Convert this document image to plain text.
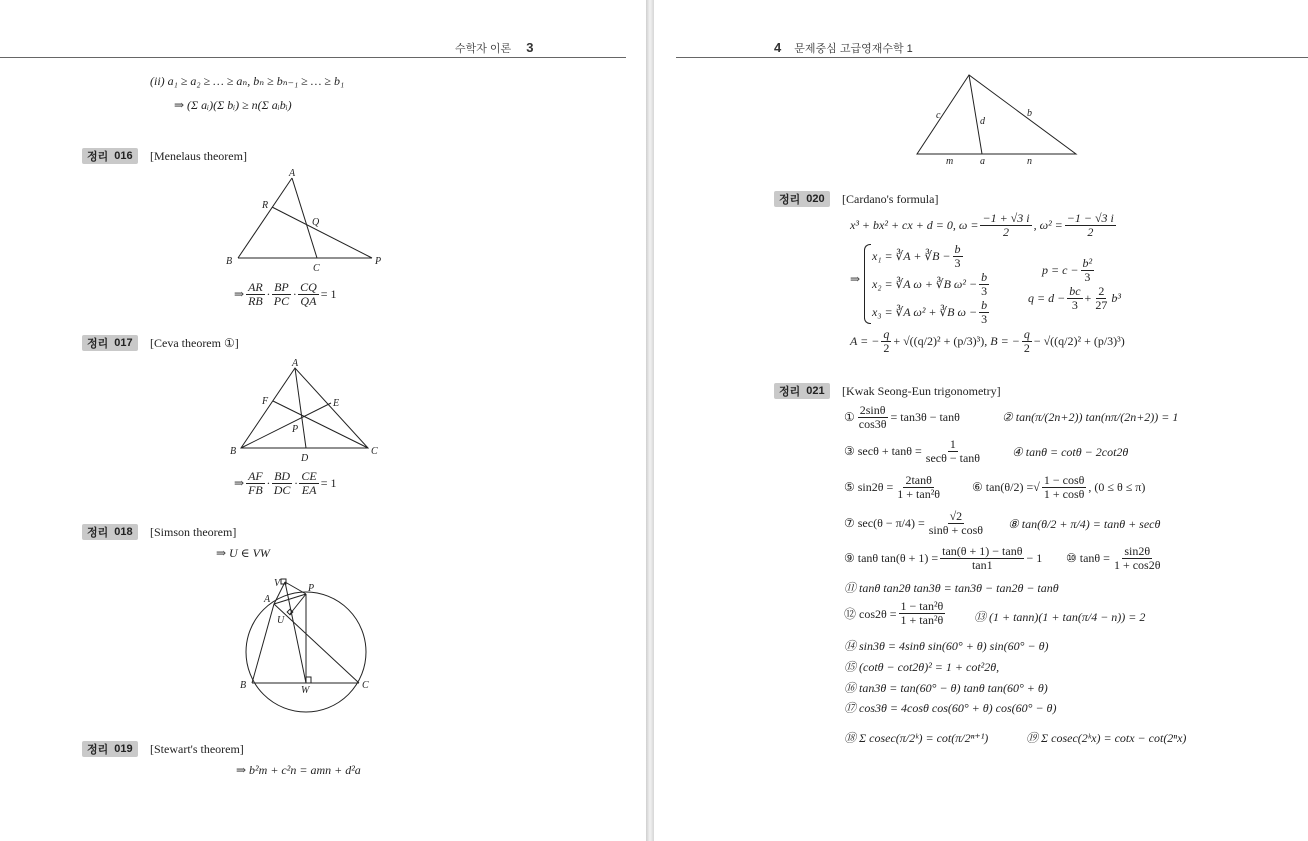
수학자 이론 3
(ii) a₁ ≥ a₂ ≥ … ≥ aₙ, bₙ ≥ bₙ₋₁ ≥ … ≥ b₁
⇒ (Σ aᵢ)(Σ bᵢ) ≥ n(Σ aᵢbᵢ)
정리 016 [Menelaus theorem]
A
B
C
P
Q
R
⇒ AR
RB · BP
PC · $\frac{CQ}{QA} = 1$
정리 017 [Ceva theorem ①]
A
B	C
D
E
F
P
⇒ AF
FB · BD
DC · $\frac{CE}{EA} = 1$
정리 018 [Simson theorem]
⇒ U ∈ VW
A
B	C
P
U
V
W
정리 019 [Stewart's theorem]
⇒ b²m + c²n = amn + d²a
4 문제중심 고급영재수학 1
c
d
b
m	a	n
정리 020 [Cardano's formula]
x³ + bx² + cx + d = 0, $\omega = \frac{-1 + √3 i}{2}$ , $\omega^2 = \frac{-1 - √3 i}{2}$
⇒
x₁ = ∛A + ∛B − $\frac{b}{3}$
x₂ = ∛A ω + ∛B $\omega^2 - \frac{b}{3}$
x₃ = ∛A ω² + ∛B $\omega - \frac{b}{3}$
$p = c - \frac{\text{b²}}{3}$
$q = d - \frac{bc}{3} + \frac{2}{27} b^3$
A = − $\frac{q}{2} + √((q/2)^2 + (p/3)^3)$ , B = − $\frac{q}{2} - √((q/2)^2 + (p/3)^3)$
정리 021 [Kwak Seong-Eun trigonometry]
① $\frac{2\sin\theta}{\cos 3\theta} = \tan 3\theta - \tan\theta$	② tan(π/(2n+2)) tan(nπ/(2n+2)) = 1
③ secθ + tanθ = 1
secθ − tanθ	④ tanθ = cotθ − 2cot2θ
⑤ $\sin 2\theta = \frac{2\tan\theta}{\text{1 + tan²θ}}$ ⑥ tan(θ/2) = √ 1 − cosθ
1 + cosθ , (0 ≤ θ ≤ π)
⑦ $\sec(\theta - \pi/4) = \frac{√2}{\sin\theta + \cos\theta}$ ⑧ tan(θ/2 + π/4) = tanθ + secθ
⑨ tanθ $\tan(\theta + 1) = \frac{\tan(\theta + 1) - \tan\theta}{\tan 1} - 1$ ⑩ $\tan\theta = \frac{\sin 2\theta}{1 + \cos 2\theta}$
⑪ tanθ tan2θ tan3θ = tan3θ − tan2θ − tanθ
⑫ $\cos 2\theta = \frac{\text{1 − tan²θ}}{\text{1 + tan²θ}}$ ⑬ (1 + tann)(1 + tan(π/4 − n)) = 2
⑭ sin3θ = 4sinθ sin(60° + θ) sin(60° − θ)
⑮ (cotθ − cot2θ)² = 1 + cot²2θ,
⑯ tan3θ = tan(60° − θ) tanθ tan(60° + θ)
⑰ cos3θ = 4cosθ cos(60° + θ) cos(60° − θ)
⑱ Σ cosec(π/2ᵏ) = cot(π/2ⁿ⁺¹)	⑲ Σ cosec(2ᵏx) = cotx − cot(2ⁿx)
